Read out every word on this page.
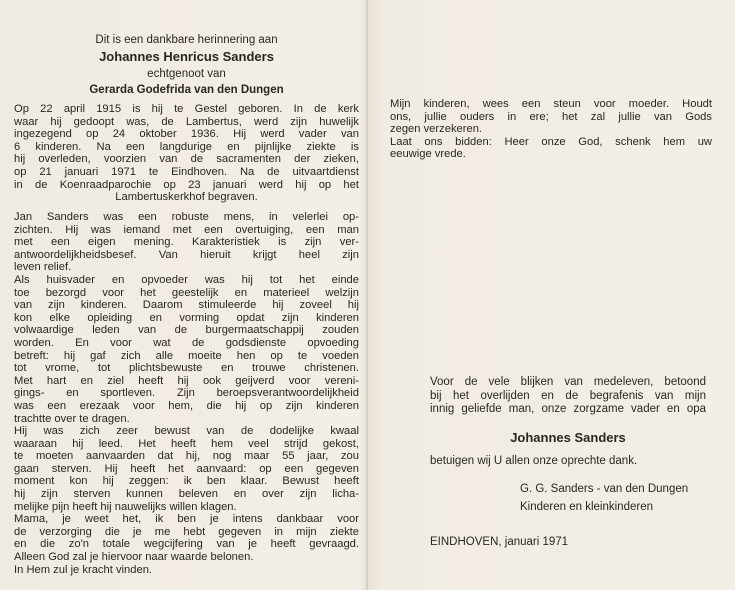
Dit is een dankbare herinnering aan
Johannes Henricus Sanders
echtgenoot van
Gerarda Godefrida van den Dungen
Op 22 april 1915 is hij te Gestel geboren. In de kerk
waar hij gedoopt was, de Lambertus, werd zijn huwelijk
ingezegend op 24 oktober 1936. Hij werd vader van
6 kinderen. Na een langdurige en pijnlijke ziekte is
hij overleden, voorzien van de sacramenten der zieken,
op 21 januari 1971 te Eindhoven. Na de uitvaartdienst
in de Koenraadparochie op 23 januari werd hij op het
Lambertuskerkhof begraven.
Jan Sanders was een robuste mens, in velerlei op-
zichten. Hij was iemand met een overtuiging, een man
met een eigen mening. Karakteristiek is zijn ver-
antwoordelijkheidsbesef. Van hieruit krijgt heel zijn
leven relief.
Als huisvader en opvoeder was hij tot het einde
toe bezorgd voor het geestelijk en materieel welzijn
van zijn kinderen. Daarom stimuleerde hij zoveel hij
kon elke opleiding en vorming opdat zijn kinderen
volwaardige leden van de burgermaatschappij zouden
worden. En voor wat de godsdienste opvoeding
betreft: hij gaf zich alle moeite hen op te voeden
tot vrome, tot plichtsbewuste en trouwe christenen.
Met hart en ziel heeft hij ook geijverd voor vereni-
gings- en sportleven. Zijn beroepsverantwoordelijkheid
was een erezaak voor hem, die hij op zijn kinderen
trachtte over te dragen.
Hij was zich zeer bewust van de dodelijke kwaal
waaraan hij leed. Het heeft hem veel strijd gekost,
te moeten aanvaarden dat hij, nog maar 55 jaar, zou
gaan sterven. Hij heeft het aanvaard: op een gegeven
moment kon hij zeggen: ik ben klaar. Bewust heeft
hij zijn sterven kunnen beleven en over zijn licha-
melijke pijn heeft hij nauwelijks willen klagen.
Mama, je weet het, ik ben je intens dankbaar voor
de verzorging die je me hebt gegeven in mijn ziekte
en die zo'n totale wegcijfering van je heeft gevraagd.
Alleen God zal je hiervoor naar waarde belonen.
In Hem zul je kracht vinden.
Mijn kinderen, wees een steun voor moeder. Houdt
ons, jullie ouders in ere; het zal jullie van Gods
zegen verzekeren.
Laat ons bidden: Heer onze God, schenk hem uw
eeuwige vrede.
Voor de vele blijken van medeleven, betoond
bij het overlijden en de begrafenis van mijn
innig geliefde man, onze zorgzame vader en opa
Johannes Sanders
betuigen wij U allen onze oprechte dank.
G. G. Sanders - van den Dungen
Kinderen en kleinkinderen
EINDHOVEN, januari 1971
